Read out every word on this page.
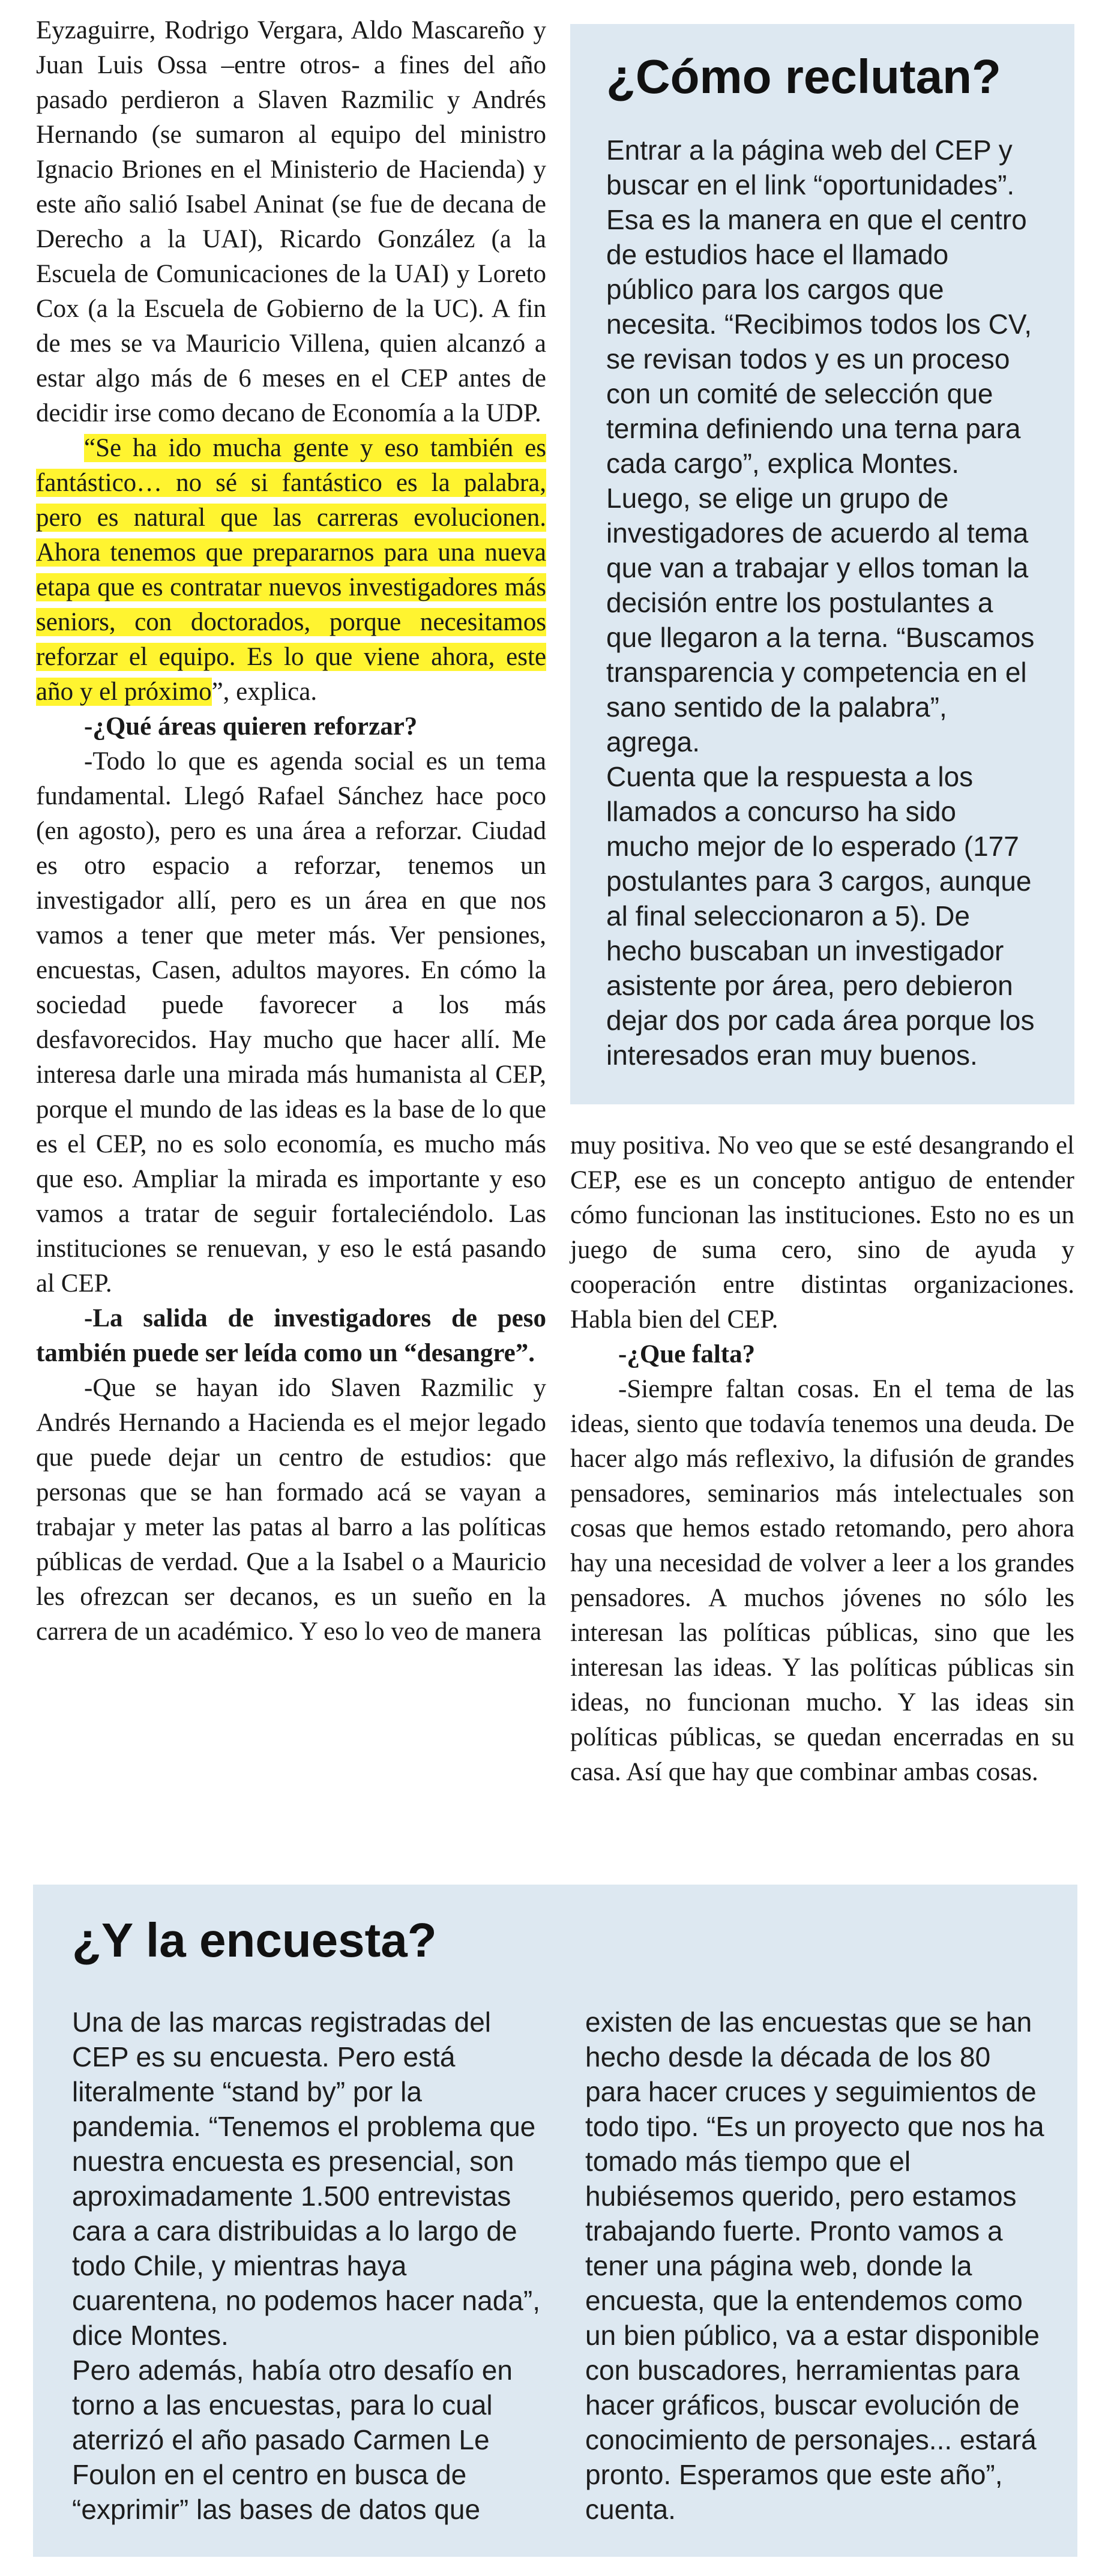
Eyzaguirre, Rodrigo Vergara, Aldo Mascareño y Juan Luis Ossa –entre otros- a fines del año pasado perdieron a Slaven Razmilic y Andrés Hernando (se sumaron al equipo del ministro Ignacio Briones en el Ministerio de Hacienda) y este año salió Isabel Aninat (se fue de decana de Derecho a la UAI), Ricardo González (a la Escuela de Comunicaciones de la UAI) y Loreto Cox (a la Escuela de Gobierno de la UC). A fin de mes se va Mauricio Villena, quien alcanzó a estar algo más de 6 meses en el CEP antes de decidir irse como decano de Economía a la UDP.

“Se ha ido mucha gente y eso también es fantástico… no sé si fantástico es la palabra, pero es natural que las carreras evolucionen. Ahora tenemos que prepararnos para una nueva etapa que es contratar nuevos investigadores más seniors, con doctorados, porque necesitamos reforzar el equipo. Es lo que viene ahora, este año y el próximo”, explica.

-¿Qué áreas quieren reforzar?

-Todo lo que es agenda social es un tema fundamental. Llegó Rafael Sánchez hace poco (en agosto), pero es una área a reforzar. Ciudad es otro espacio a reforzar, tenemos un investigador allí, pero es un área en que nos vamos a tener que meter más. Ver pensiones, encuestas, Casen, adultos mayores. En cómo la sociedad puede favorecer a los más desfavorecidos. Hay mucho que hacer allí. Me interesa darle una mirada más humanista al CEP, porque el mundo de las ideas es la base de lo que es el CEP, no es solo economía, es mucho más que eso. Ampliar la mirada es importante y eso vamos a tratar de seguir fortaleciéndolo. Las instituciones se renuevan, y eso le está pasando al CEP.

-La salida de investigadores de peso también puede ser leída como un “desangre”.

-Que se hayan ido Slaven Razmilic y Andrés Hernando a Hacienda es el mejor legado que puede dejar un centro de estudios: que personas que se han formado acá se vayan a trabajar y meter las patas al barro a las políticas públicas de verdad. Que a la Isabel o a Mauricio les ofrezcan ser decanos, es un sueño en la carrera de un académico. Y eso lo veo de manera

¿Cómo reclutan?

Entrar a la página web del CEP y buscar en el link “oportunidades”. Esa es la manera en que el centro de estudios hace el llamado público para los cargos que necesita. “Recibimos todos los CV, se revisan todos y es un proceso con un comité de selección que termina definiendo una terna para cada cargo”, explica Montes.

Luego, se elige un grupo de investigadores de acuerdo al tema que van a trabajar y ellos toman la decisión entre los postulantes a que llegaron a la terna. “Buscamos transparencia y competencia en el sano sentido de la palabra”, agrega.

Cuenta que la respuesta a los llamados a concurso ha sido mucho mejor de lo esperado (177 postulantes para 3 cargos, aunque al final seleccionaron a 5). De hecho buscaban un investigador asistente por área, pero debieron dejar dos por cada área porque los interesados eran muy buenos.

muy positiva. No veo que se esté desangrando el CEP, ese es un concepto antiguo de entender cómo funcionan las instituciones. Esto no es un juego de suma cero, sino de ayuda y cooperación entre distintas organizaciones. Habla bien del CEP.

-¿Que falta?

-Siempre faltan cosas. En el tema de las ideas, siento que todavía tenemos una deuda. De hacer algo más reflexivo, la difusión de grandes pensadores, seminarios más intelectuales son cosas que hemos estado retomando, pero ahora hay una necesidad de volver a leer a los grandes pensadores. A muchos jóvenes no sólo les interesan las políticas públicas, sino que les interesan las ideas. Y las políticas públicas sin ideas, no funcionan mucho. Y las ideas sin políticas públicas, se quedan encerradas en su casa. Así que hay que combinar ambas cosas.

¿Y la encuesta?

Una de las marcas registradas del CEP es su encuesta. Pero está literalmente “stand by” por la pandemia. “Tenemos el problema que nuestra encuesta es presencial, son aproximadamente 1.500 entrevistas cara a cara distribuidas a lo largo de todo Chile, y mientras haya cuarentena, no podemos hacer nada”, dice Montes.

Pero además, había otro desafío en torno a las encuestas, para lo cual aterrizó el año pasado Carmen Le Foulon en el centro en busca de “exprimir” las bases de datos que

existen de las encuestas que se han hecho desde la década de los 80 para hacer cruces y seguimientos de todo tipo. “Es un proyecto que nos ha tomado más tiempo que el hubiésemos querido, pero estamos trabajando fuerte. Pronto vamos a tener una página web, donde la encuesta, que la entendemos como un bien público, va a estar disponible con buscadores, herramientas para hacer gráficos, buscar evolución de conocimiento de personajes... estará pronto. Esperamos que este año”, cuenta.
